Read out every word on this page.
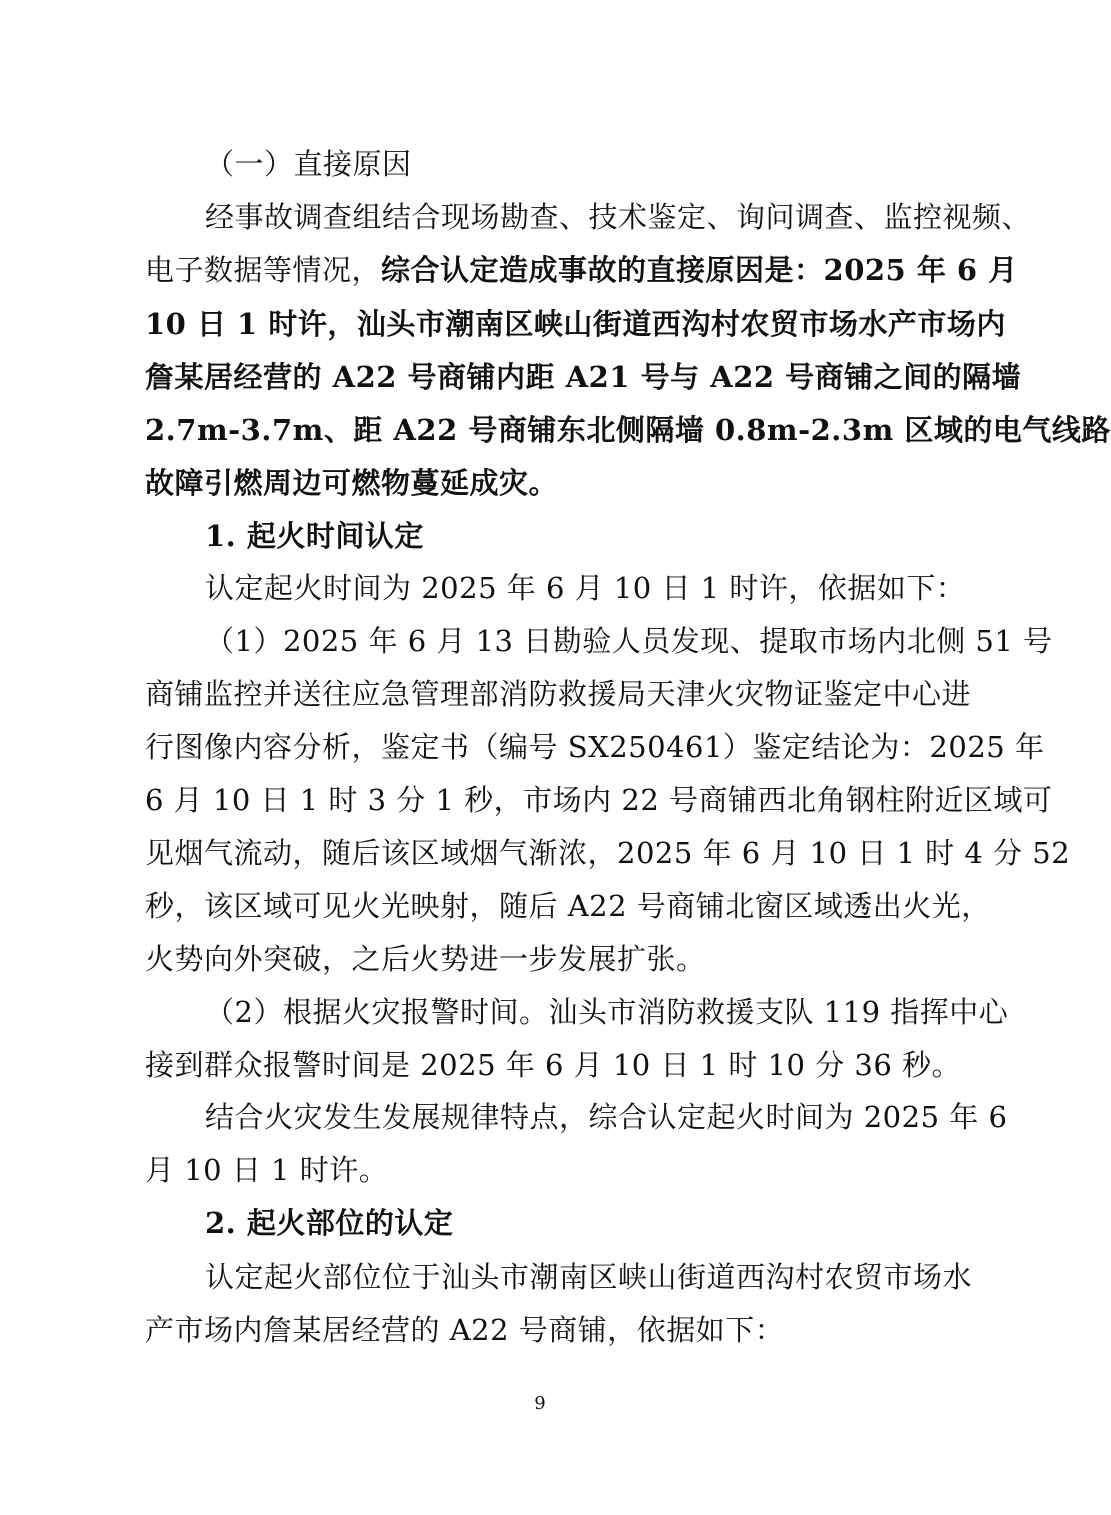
（一）直接原因
经事故调查组结合现场勘查、技术鉴定、询问调查、监控视频、
电子数据等情况，综合认定造成事故的直接原因是：2025 年 6 月
10 日 1 时许，汕头市潮南区峡山街道西沟村农贸市场水产市场内
詹某居经营的 A22 号商铺内距 A21 号与 A22 号商铺之间的隔墙
2.7m-3.7m、距 A22 号商铺东北侧隔墙 0.8m-2.3m 区域的电气线路
故障引燃周边可燃物蔓延成灾。
1. 起火时间认定
认定起火时间为 2025 年 6 月 10 日 1 时许，依据如下：
（1）2025 年 6 月 13 日勘验人员发现、提取市场内北侧 51 号
商铺监控并送往应急管理部消防救援局天津火灾物证鉴定中心进
行图像内容分析，鉴定书（编号 SX250461）鉴定结论为：2025 年
6 月 10 日 1 时 3 分 1 秒，市场内 22 号商铺西北角钢柱附近区域可
见烟气流动，随后该区域烟气渐浓，2025 年 6 月 10 日 1 时 4 分 52
秒，该区域可见火光映射，随后 A22 号商铺北窗区域透出火光，
火势向外突破，之后火势进一步发展扩张。
（2）根据火灾报警时间。汕头市消防救援支队 119 指挥中心
接到群众报警时间是 2025 年 6 月 10 日 1 时 10 分 36 秒。
结合火灾发生发展规律特点，综合认定起火时间为 2025 年 6
月 10 日 1 时许。
2. 起火部位的认定
认定起火部位位于汕头市潮南区峡山街道西沟村农贸市场水
产市场内詹某居经营的 A22 号商铺，依据如下：
9
